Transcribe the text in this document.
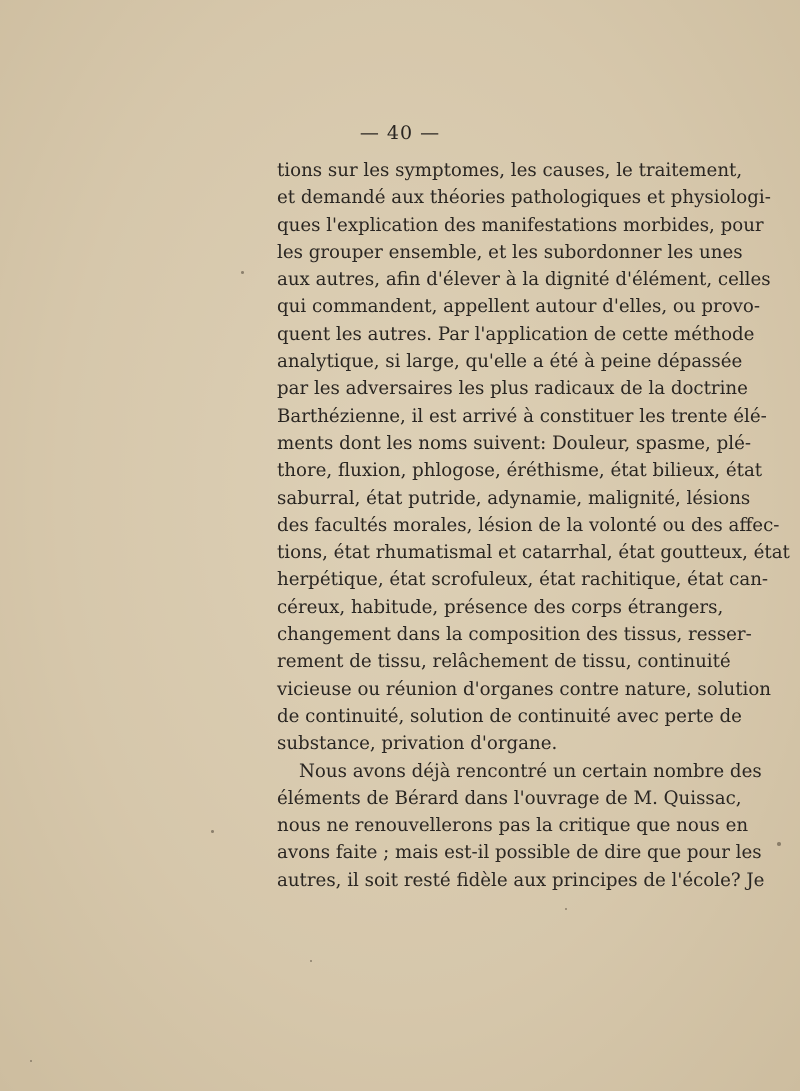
— 40 —
tions sur les symptomes, les causes, le traitement,
et demandé aux théories pathologiques et physiologi-
ques l'explication des manifestations morbides, pour
les grouper ensemble, et les subordonner les unes
aux autres, afin d'élever à la dignité d'élément, celles
qui commandent, appellent autour d'elles, ou provo-
quent les autres. Par l'application de cette méthode
analytique, si large, qu'elle a été à peine dépassée
par les adversaires les plus radicaux de la doctrine
Barthézienne, il est arrivé à constituer les trente élé-
ments dont les noms suivent: Douleur, spasme, plé-
thore, fluxion, phlogose, éréthisme, état bilieux, état
saburral, état putride, adynamie, malignité, lésions
des facultés morales, lésion de la volonté ou des affec-
tions, état rhumatismal et catarrhal, état goutteux, état
herpétique, état scrofuleux, état rachitique, état can-
céreux, habitude, présence des corps étrangers,
changement dans la composition des tissus, resser-
rement de tissu, relâchement de tissu, continuité
vicieuse ou réunion d'organes contre nature, solution
de continuité, solution de continuité avec perte de
substance, privation d'organe.
Nous avons déjà rencontré un certain nombre des
éléments de Bérard dans l'ouvrage de M. Quissac,
nous ne renouvellerons pas la critique que nous en
avons faite ; mais est-il possible de dire que pour les
autres, il soit resté fidèle aux principes de l'école? Je
